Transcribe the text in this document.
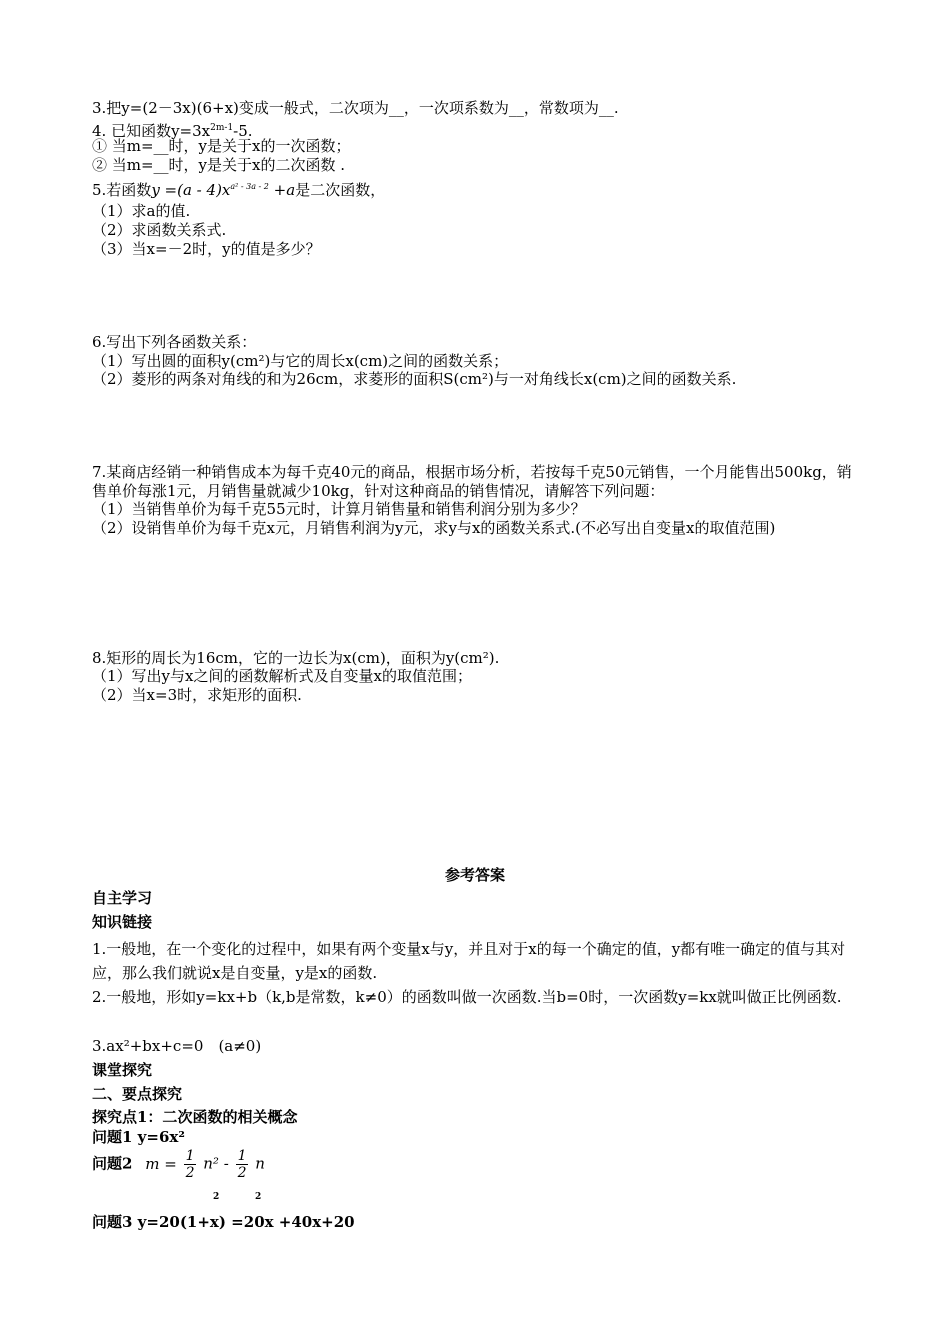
3.把y=(2－3x)(6+x)变成一般式，二次项为__，一次项系数为__，常数项为__.
4. 已知函数$y=3x^{2m-1}-5$.
① 当m=__时，y是关于x的一次函数；
② 当m=__时，y是关于x的二次函数 .
5.若函数$y =(a - 4)x^{a^2 - 3a - 2} +a$是二次函数，
（1）求a的值.
（2）求函数关系式.
（3）当x=－2时，y的值是多少？
6.写出下列各函数关系：
（1）写出圆的面积y(cm²)与它的周长x(cm)之间的函数关系；
（2）菱形的两条对角线的和为26cm，求菱形的面积S(cm²)与一对角线长x(cm)之间的函数关系.
7.某商店经销一种销售成本为每千克40元的商品，根据市场分析，若按每千克50元销售，一个月能售出500kg，销售单价每涨1元，月销售量就减少10kg，针对这种商品的销售情况，请解答下列问题：
（1）当销售单价为每千克55元时，计算月销售量和销售利润分别为多少？
（2）设销售单价为每千克x元，月销售利润为y元，求y与x的函数关系式.(不必写出自变量x的取值范围)
8.矩形的周长为16cm，它的一边长为x(cm)，面积为y(cm²).
（1）写出y与x之间的函数解析式及自变量x的取值范围；
（2）当x=3时，求矩形的面积.
参考答案
自主学习
知识链接
1.一般地，在一个变化的过程中，如果有两个变量x与y，并且对于x的每一个确定的值，y都有唯一确定的值与其对应，那么我们就说x是自变量，y是x的函数.
2.一般地，形如y=kx+b（k,b是常数，k≠0）的函数叫做一次函数.当b=0时，一次函数y=kx就叫做正比例函数.
3.ax²+bx+c=0　(a≠0)
课堂探究
二、要点探究
探究点1：二次函数的相关概念
问题1 y=6x²
问题2 $m = \frac{1}{2} n^2 - \frac{1}{2}$ n
2	2
问题3 y=20(1+x) =20x +40x+20
